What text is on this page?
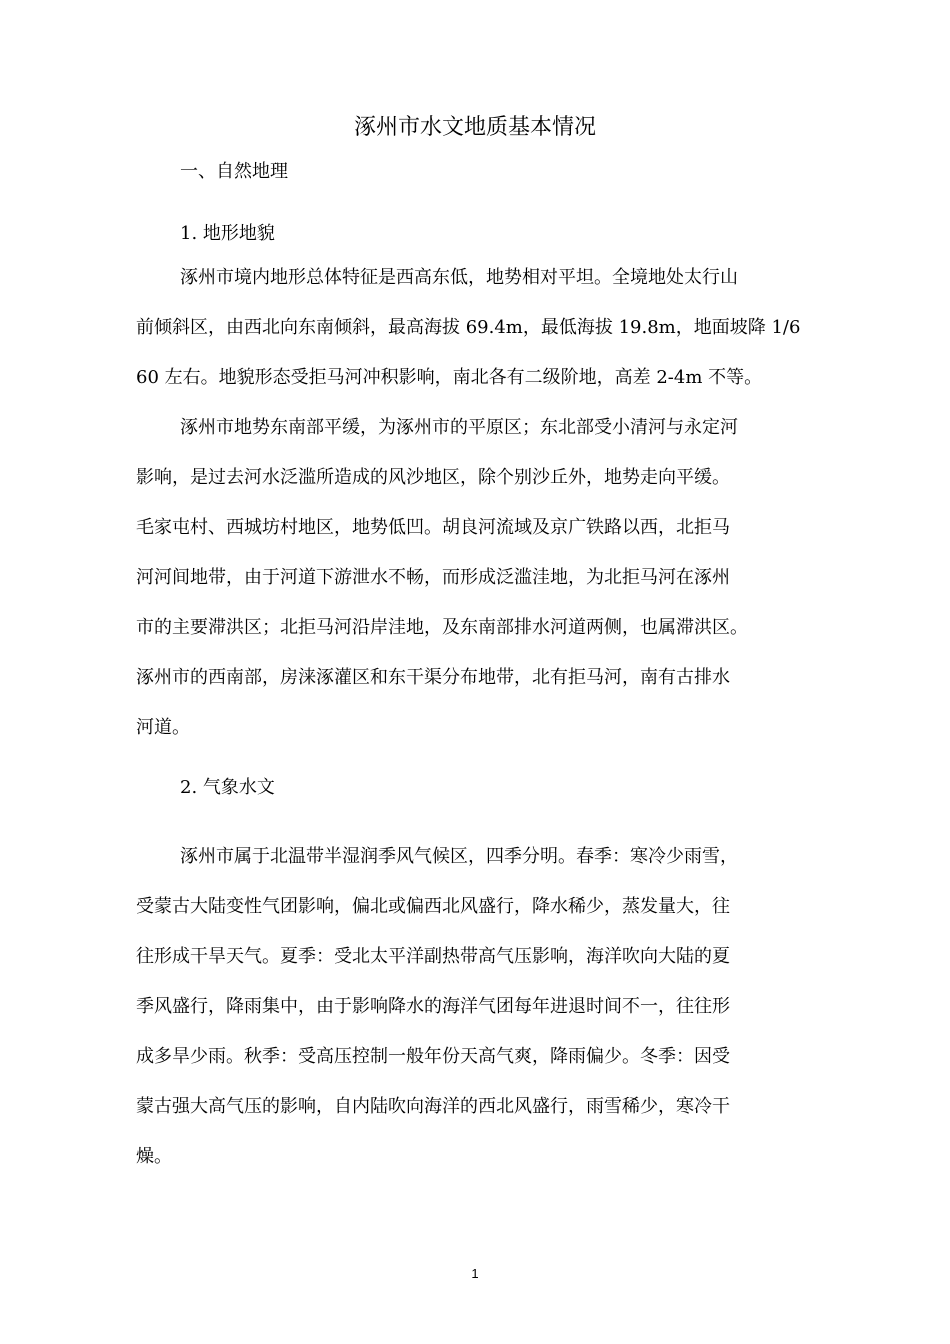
涿州市水文地质基本情况
一、自然地理
1. 地形地貌

涿州市境内地形总体特征是西高东低，地势相对平坦。全境地处太行山

前倾斜区，由西北向东南倾斜，最高海拔 69.4m，最低海拔 19.8m，地面坡降 1/6

60 左右。地貌形态受拒马河冲积影响，南北各有二级阶地，高差 2-4m 不等。

涿州市地势东南部平缓，为涿州市的平原区；东北部受小清河与永定河

影响，是过去河水泛滥所造成的风沙地区，除个别沙丘外，地势走向平缓。

毛家屯村、西城坊村地区，地势低凹。胡良河流域及京广铁路以西，北拒马

河河间地带，由于河道下游泄水不畅，而形成泛滥洼地，为北拒马河在涿州

市的主要滞洪区；北拒马河沿岸洼地，及东南部排水河道两侧，也属滞洪区。

涿州市的西南部，房涞涿灌区和东干渠分布地带，北有拒马河，南有古排水

河道。

2. 气象水文

涿州市属于北温带半湿润季风气候区，四季分明。春季：寒冷少雨雪，

受蒙古大陆变性气团影响，偏北或偏西北风盛行，降水稀少，蒸发量大，往

往形成干旱天气。夏季：受北太平洋副热带高气压影响，海洋吹向大陆的夏

季风盛行，降雨集中，由于影响降水的海洋气团每年进退时间不一，往往形

成多旱少雨。秋季：受高压控制一般年份天高气爽，降雨偏少。冬季：因受

蒙古强大高气压的影响，自内陆吹向海洋的西北风盛行，雨雪稀少，寒冷干

燥。

1
